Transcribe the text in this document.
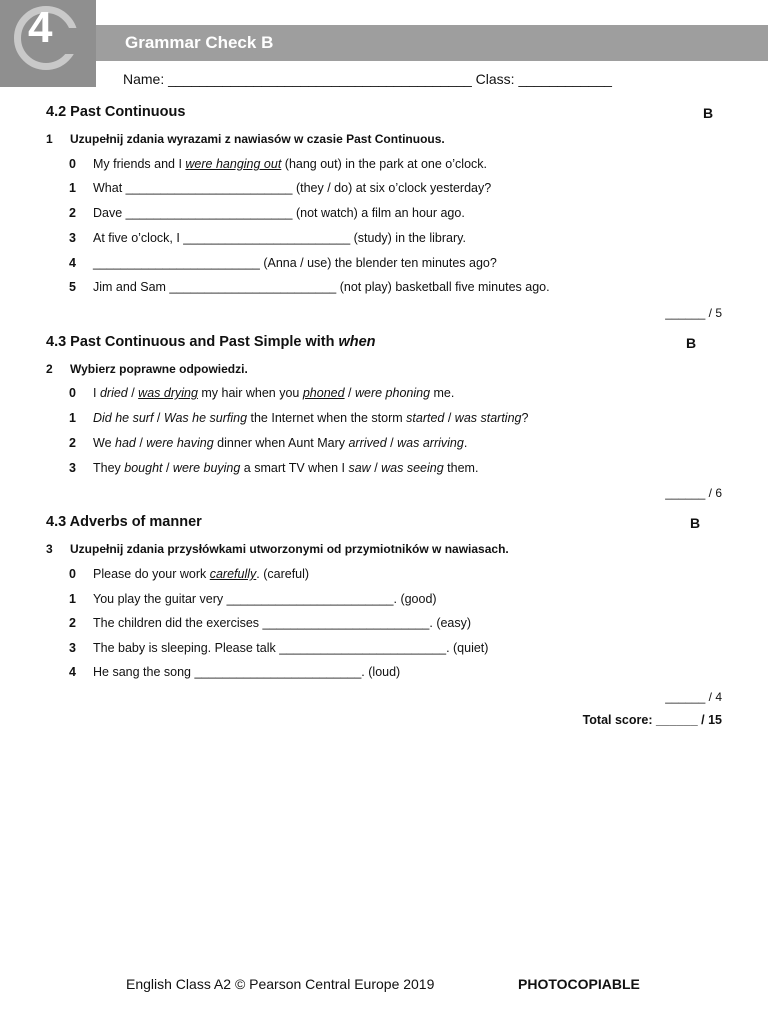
4	Grammar Check B
Name: _______________________________________ Class: ____________
4.2 Past Continuous	B
1 Uzupełnij zdania wyrazami z nawiasów w czasie Past Continuous.
0 My friends and I were hanging out (hang out) in the park at one o’clock.
1 What ________________________ (they / do) at six o’clock yesterday?
2 Dave ________________________ (not watch) a film an hour ago.
3 At five o’clock, I ________________________ (study) in the library.
4 ________________________ (Anna / use) the blender ten minutes ago?
5 Jim and Sam ________________________ (not play) basketball five minutes ago.
______ / 5
4.3 Past Continuous and Past Simple with when	B
2 Wybierz poprawne odpowiedzi.
0 I dried / was drying my hair when you phoned / were phoning me.
1 Did he surf / Was he surfing the Internet when the storm started / was starting?
2 We had / were having dinner when Aunt Mary arrived / was arriving.
3 They bought / were buying a smart TV when I saw / was seeing them.
______ / 6
4.3 Adverbs of manner	B
3 Uzupełnij zdania przysłówkami utworzonymi od przymiotników w nawiasach.
0 Please do your work carefully. (careful)
1 You play the guitar very ________________________. (good)
2 The children did the exercises ________________________. (easy)
3 The baby is sleeping. Please talk ________________________. (quiet)
4 He sang the song ________________________. (loud)
______ / 4
Total score: ______ / 15
English Class A2 © Pearson Central Europe 2019	PHOTOCOPIABLE
